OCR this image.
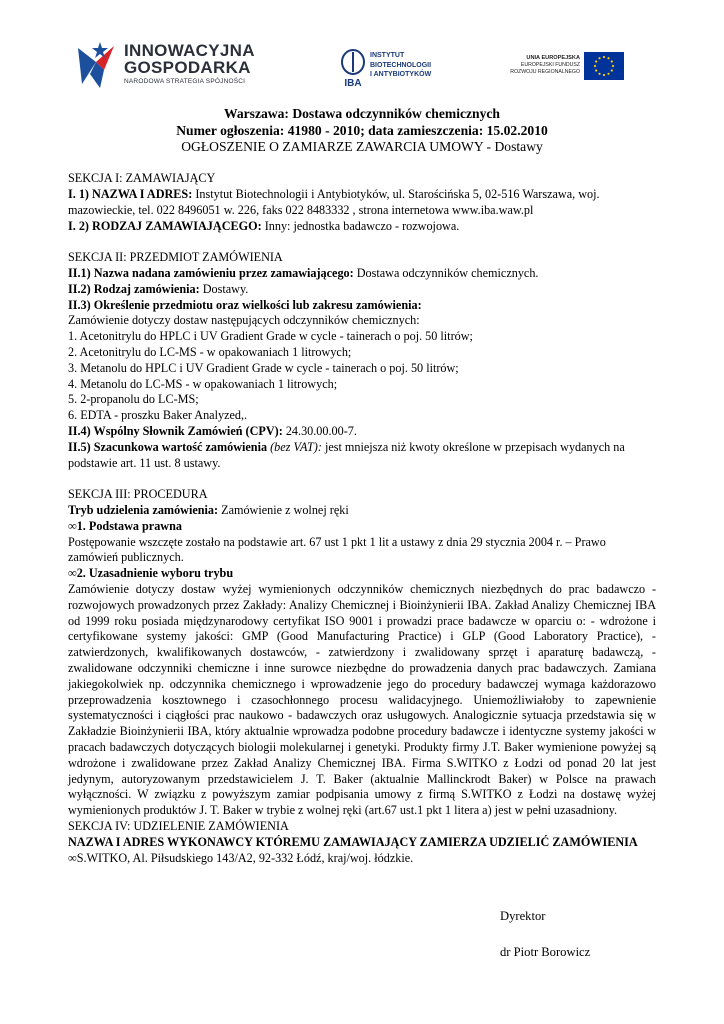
INNOWACYJNA
GOSPODARKA
NARODOWA STRATEGIA SPÓJNOŚCI	IBA
INSTYTUT
BIOTECHNOLOGII
I ANTYBIOTYKÓW
UNIA EUROPEJSKA
EUROPEJSKI FUNDUSZ
ROZWOJU REGIONALNEGO
Warszawa: Dostawa odczynników chemicznych
Numer ogłoszenia: 41980 - 2010; data zamieszczenia: 15.02.2010
OGŁOSZENIE O ZAMIARZE ZAWARCIA UMOWY - Dostawy

SEKCJA I: ZAMAWIAJĄCY

I. 1) NAZWA I ADRES: Instytut Biotechnologii i Antybiotyków, ul. Starościńska 5, 02-516 Warszawa, woj. mazowieckie, tel. 022 8496051 w. 226, faks 022 8483332 , strona internetowa www.iba.waw.pl

I. 2) RODZAJ ZAMAWIAJĄCEGO: Inny: jednostka badawczo - rozwojowa.

SEKCJA II: PRZEDMIOT ZAMÓWIENIA

II.1) Nazwa nadana zamówieniu przez zamawiającego: Dostawa odczynników chemicznych.

II.2) Rodzaj zamówienia: Dostawy.

II.3) Określenie przedmiotu oraz wielkości lub zakresu zamówienia:

Zamówienie dotyczy dostaw następujących odczynników chemicznych:

1. Acetonitrylu do HPLC i UV Gradient Grade w cycle - tainerach o poj. 50 litrów;

2. Acetonitrylu do LC-MS - w opakowaniach 1 litrowych;

3. Metanolu do HPLC i UV Gradient Grade w cycle - tainerach o poj. 50 litrów;

4. Metanolu do LC-MS - w opakowaniach 1 litrowych;

5. 2-propanolu do LC-MS;

6. EDTA - proszku Baker Analyzed,.

II.4) Wspólny Słownik Zamówień (CPV): 24.30.00.00-7.

II.5) Szacunkowa wartość zamówienia (bez VAT): jest mniejsza niż kwoty określone w przepisach wydanych na podstawie art. 11 ust. 8 ustawy.

SEKCJA III: PROCEDURA

Tryb udzielenia zamówienia: Zamówienie z wolnej ręki

∞1. Podstawa prawna

Postępowanie wszczęte zostało na podstawie art. 67 ust 1 pkt 1 lit a ustawy z dnia 29 stycznia 2004 r. – Prawo zamówień publicznych.

∞2. Uzasadnienie wyboru trybu

Zamówienie dotyczy dostaw wyżej wymienionych odczynników chemicznych niezbędnych do prac badawczo - rozwojowych prowadzonych przez Zakłady: Analizy Chemicznej i Bioinżynierii IBA. Zakład Analizy Chemicznej IBA od 1999 roku posiada międzynarodowy certyfikat ISO 9001 i prowadzi prace badawcze w oparciu o: - wdrożone i certyfikowane systemy jakości: GMP (Good Manufacturing Practice) i GLP (Good Laboratory Practice), - zatwierdzonych, kwalifikowanych dostawców, - zatwierdzony i zwalidowany sprzęt i aparaturę badawczą, - zwalidowane odczynniki chemiczne i inne surowce niezbędne do prowadzenia danych prac badawczych. Zamiana jakiegokolwiek np. odczynnika chemicznego i wprowadzenie jego do procedury badawczej wymaga każdorazowo przeprowadzenia kosztownego i czasochłonnego procesu walidacyjnego. Uniemożliwiałoby to zapewnienie systematyczności i ciągłości prac naukowo - badawczych oraz usługowych. Analogicznie sytuacja przedstawia się w Zakładzie Bioinżynierii IBA, który aktualnie wprowadza podobne procedury badawcze i identyczne systemy jakości w pracach badawczych dotyczących biologii molekularnej i genetyki. Produkty firmy J.T. Baker wymienione powyżej są wdrożone i zwalidowane przez Zakład Analizy Chemicznej IBA. Firma S.WITKO z Łodzi od ponad 20 lat jest jedynym, autoryzowanym przedstawicielem J. T. Baker (aktualnie Mallinckrodt Baker) w Polsce na prawach wyłączności. W związku z powyższym zamiar podpisania umowy z firmą S.WITKO z Łodzi na dostawę wyżej wymienionych produktów J. T. Baker w trybie z wolnej ręki (art.67 ust.1 pkt 1 litera a) jest w pełni uzasadniony.

SEKCJA IV: UDZIELENIE ZAMÓWIENIA

NAZWA I ADRES WYKONAWCY KTÓREMU ZAMAWIAJĄCY ZAMIERZA UDZIELIĆ ZAMÓWIENIA

∞S.WITKO, Al. Piłsudskiego 143/A2, 92-332 Łódź, kraj/woj. łódzkie.

Dyrektor
dr Piotr Borowicz
